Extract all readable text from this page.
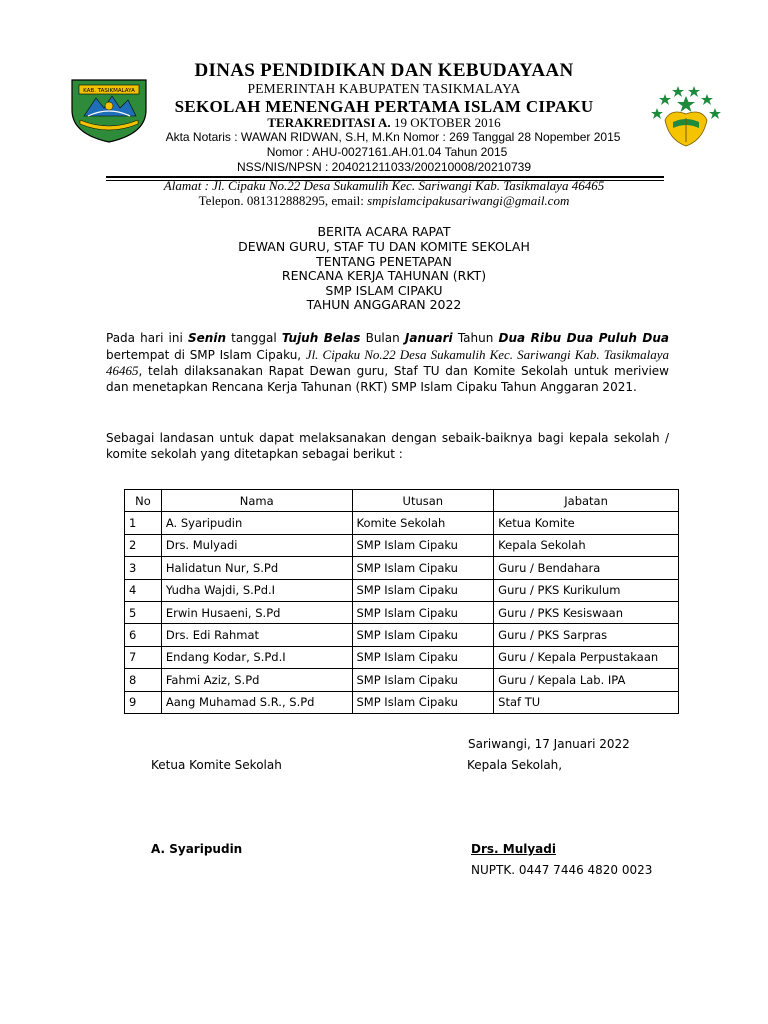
KAB. TASIKMALAYA
DINAS PENDIDIKAN DAN KEBUDAYAAN
PEMERINTAH KABUPATEN TASIKMALAYA
SEKOLAH MENENGAH PERTAMA ISLAM CIPAKU
TERAKREDITASI A. 19 OKTOBER 2016
Akta Notaris : WAWAN RIDWAN, S.H, M.Kn Nomor : 269 Tanggal 28 Nopember 2015
Nomor : AHU-0027161.AH.01.04 Tahun 2015
NSS/NIS/NPSN : 204021211033/200210008/20210739
Alamat : Jl. Cipaku No.22 Desa Sukamulih Kec. Sariwangi Kab. Tasikmalaya 46465
Telepon. 081312888295, email: smpislamcipakusariwangi@gmail.com
BERITA ACARA RAPAT
DEWAN GURU, STAF TU DAN KOMITE SEKOLAH
TENTANG PENETAPAN
RENCANA KERJA TAHUNAN (RKT)
SMP ISLAM CIPAKU
TAHUN ANGGARAN 2022
Pada hari ini Senin tanggal Tujuh Belas Bulan Januari Tahun Dua Ribu Dua Puluh Dua bertempat di SMP Islam Cipaku, Jl. Cipaku No.22 Desa Sukamulih Kec. Sariwangi Kab. Tasikmalaya 46465, telah dilaksanakan Rapat Dewan guru, Staf TU dan Komite Sekolah untuk meriview dan menetapkan Rencana Kerja Tahunan (RKT) SMP Islam Cipaku Tahun Anggaran 2021.
Sebagai landasan untuk dapat melaksanakan dengan sebaik-baiknya bagi kepala sekolah / komite sekolah yang ditetapkan sebagai berikut :
No	Nama	Utusan	Jabatan
1	A. Syaripudin	Komite Sekolah	Ketua Komite
2	Drs. Mulyadi	SMP Islam Cipaku	Kepala Sekolah
3	Halidatun Nur, S.Pd	SMP Islam Cipaku	Guru / Bendahara
4	Yudha Wajdi, S.Pd.I	SMP Islam Cipaku	Guru / PKS Kurikulum
5	Erwin Husaeni, S.Pd	SMP Islam Cipaku	Guru / PKS Kesiswaan
6	Drs. Edi Rahmat	SMP Islam Cipaku	Guru / PKS Sarpras
7	Endang Kodar, S.Pd.I	SMP Islam Cipaku	Guru / Kepala Perpustakaan
8	Fahmi Aziz, S.Pd	SMP Islam Cipaku	Guru / Kepala Lab. IPA
9	Aang Muhamad S.R., S.Pd	SMP Islam Cipaku	Staf TU
Sariwangi, 17 Januari 2022
Ketua Komite Sekolah	Kepala Sekolah,
A. Syaripudin	Drs. Mulyadi
NUPTK. 0447 7446 4820 0023
